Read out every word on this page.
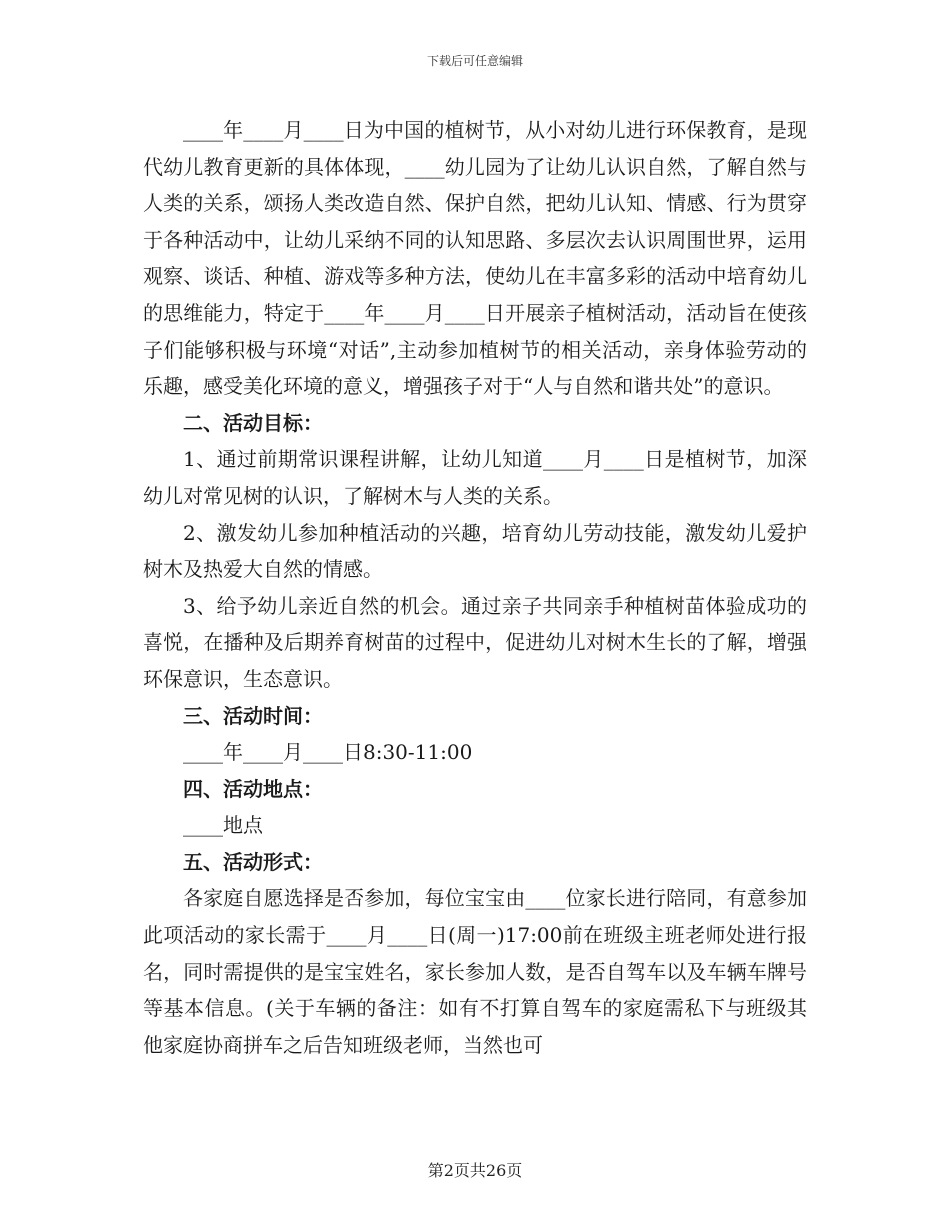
下载后可任意编辑

____年____月____日为中国的植树节，从小对幼儿进行环保教育，是现代幼儿教育更新的具体体现，____幼儿园为了让幼儿认识自然，了解自然与人类的关系，颂扬人类改造自然、保护自然，把幼儿认知、情感、行为贯穿于各种活动中，让幼儿采纳不同的认知思路、多层次去认识周围世界，运用观察、谈话、种植、游戏等多种方法，使幼儿在丰富多彩的活动中培育幼儿的思维能力，特定于____年____月____日开展亲子植树活动，活动旨在使孩子们能够积极与环境“对话”,主动参加植树节的相关活动，亲身体验劳动的乐趣，感受美化环境的意义，增强孩子对于“人与自然和谐共处”的意识。

二、活动目标：

1、通过前期常识课程讲解，让幼儿知道____月____日是植树节，加深幼儿对常见树的认识，了解树木与人类的关系。

2、激发幼儿参加种植活动的兴趣，培育幼儿劳动技能，激发幼儿爱护树木及热爱大自然的情感。

3、给予幼儿亲近自然的机会。通过亲子共同亲手种植树苗体验成功的喜悦，在播种及后期养育树苗的过程中，促进幼儿对树木生长的了解，增强环保意识，生态意识。

三、活动时间：

____年____月____日8:30-11:00

四、活动地点：

____地点

五、活动形式：

各家庭自愿选择是否参加，每位宝宝由____位家长进行陪同，有意参加此项活动的家长需于____月____日(周一)17:00前在班级主班老师处进行报名，同时需提供的是宝宝姓名，家长参加人数，是否自驾车以及车辆车牌号等基本信息。(关于车辆的备注：如有不打算自驾车的家庭需私下与班级其他家庭协商拼车之后告知班级老师，当然也可

第2页共26页
